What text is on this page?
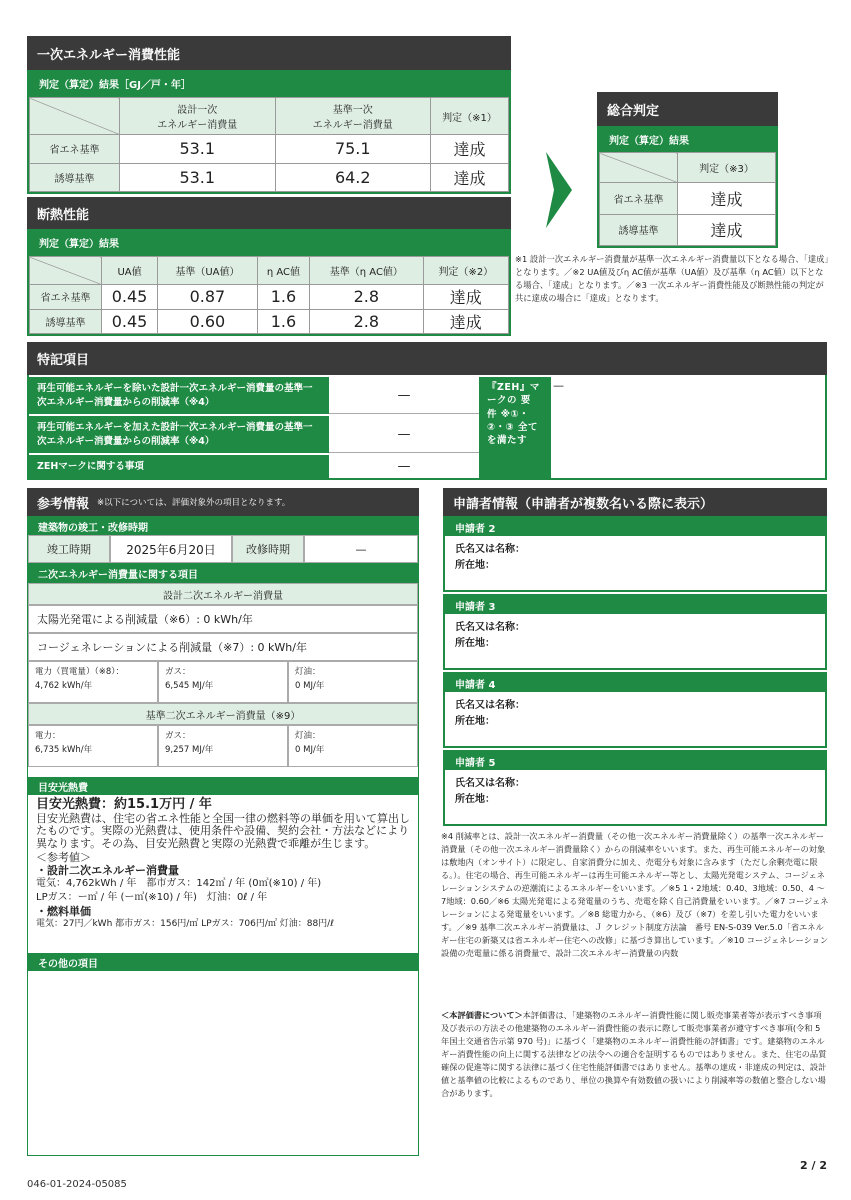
一次エネルギー消費性能
判定（算定）結果［GJ／戸・年］
	設計一次
エネルギー消費量	基準一次
エネルギー消費量	判定（※1）
省エネ基準	53.1	75.1	達成
誘導基準	53.1	64.2	達成
断熱性能
判定（算定）結果
	UA値	基準（UA値）	η AC値	基準（η AC値）	判定（※2）
省エネ基準	0.45	0.87	1.6	2.8	達成
誘導基準	0.45	0.60	1.6	2.8	達成
総合判定
判定（算定）結果
	判定（※3）
省エネ基準	達成
誘導基準	達成
※1 設計一次エネルギー消費量が基準一次エネルギー消費量以下となる場合、「達成」となります。／※2 UA値及びη AC値が基準（UA値）及び基準（η AC値）以下となる場合、「達成」となります。／※3 一次エネルギー消費性能及び断熱性能の判定が共に達成の場合に「達成」となります。
特記項目
再生可能エネルギーを除いた設計一次エネルギー消費量の基準一次エネルギー消費量からの削減率（※4）	—
再生可能エネルギーを加えた設計一次エネルギー消費量の基準一次エネルギー消費量からの削減率（※4）	—
ZEHマークに関する事項	—
『ZEH』マークの 要 件 ※①・②・③ 全てを満たす
—
参考情報 ※以下については、評価対象外の項目となります。
建築物の竣工・改修時期
竣工時期	2025年6月20日	改修時期	—
二次エネルギー消費量に関する項目
設計二次エネルギー消費量
太陽光発電による削減量（※6）: 0 kWh/年
コージェネレーションによる削減量（※7）: 0 kWh/年
電力（買電量）（※8）：
4,762 kWh/年
ガス：
6,545 MJ/年
灯油：
0 MJ/年
基準二次エネルギー消費量（※9）
電力：
6,735 kWh/年
ガス：
9,257 MJ/年
灯油：
0 MJ/年
目安光熱費
目安光熱費：約15.1万円 / 年
目安光熱費は、住宅の省エネ性能と全国一律の燃料等の単価を用いて算出したものです。実際の光熱費は、使用条件や設備、契約会社・方法などにより異なります。その為、目安光熱費と実際の光熱費で乖離が生じます。
＜参考値＞
・設計二次エネルギー消費量
電気：4,762kWh / 年　都市ガス：142㎥ / 年 (0㎥(※10) / 年)
LPガス：ー㎥ / 年 (ー㎥(※10) / 年)　灯油：0ℓ / 年
・燃料単価
電気：27円／kWh 都市ガス：156円/㎥ LPガス：706円/㎥ 灯油：88円/ℓ
その他の項目
申請者情報（申請者が複数名いる際に表示）
申請者 2
氏名又は名称：
所在地：
申請者 3
氏名又は名称：
所在地：
申請者 4
氏名又は名称：
所在地：
申請者 5
氏名又は名称：
所在地：
※4 削減率とは、設計一次エネルギー消費量（その他一次エネルギー消費量除く）の基準一次エネルギー消費量（その他一次エネルギー消費量除く）からの削減率をいいます。また、再生可能エネルギーの対象は敷地内（オンサイト）に限定し、自家消費分に加え、売電分も対象に含みます（ただし余剰売電に限る。）。住宅の場合、再生可能エネルギーは再生可能エネルギー等とし、太陽光発電システム、コージェネレーションシステムの逆潮流によるエネルギーをいいます。／※5 1・2地域：0.40、3地域：0.50、4 ～ 7地域：0.60／※6 太陽光発電による発電量のうち、売電を除く自己消費量をいいます。／※7 コージェネレーションによる発電量をいいます。／※8 総電力から、（※6）及び（※7）を差し引いた電力をいいます。／※9 基準二次エネルギー消費量は、Ｊ クレジット制度方法論　番号 EN-S-039 Ver.5.0「省エネルギー住宅の新築又は省エネルギー住宅への改修」に基づき算出しています。／※10 コージェネレーション設備の売電量に係る消費量で、設計二次エネルギー消費量の内数
＜本評価書について＞本評価書は、「建築物のエネルギー消費性能に関し販売事業者等が表示すべき事項及び表示の方法その他建築物のエネルギー消費性能の表示に際して販売事業者が遵守すべき事項(令和 5 年国土交通省告示第 970 号)」に基づく「建築物のエネルギー消費性能の評価書」です。建築物のエネルギー消費性能の向上に関する法律などの法令への適合を証明するものではありません。また、住宅の品質確保の促進等に関する法律に基づく住宅性能評価書ではありません。基準の達成・非達成の判定は、設計値と基準値の比較によるものであり、単位の換算や有効数値の扱いにより削減率等の数値と整合しない場合があります。
046-01-2024-05085
2 / 2
